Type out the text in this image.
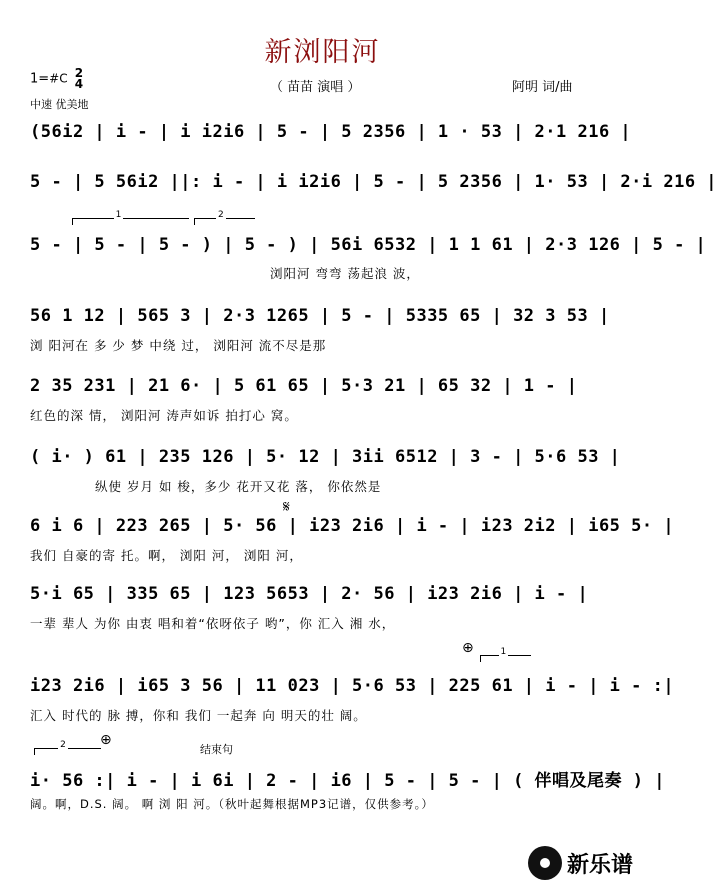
新浏阳河
1=#C 2
4	（ 苗苗 演唱 ）	阿明 词/曲
中速 优美地
(56i2 | i - | i i2i6 | 5 - | 5 2356 | 1 · 53 | 2·1 216 |
5 - | 5 56i2 ||: i - | i i2i6 | 5 - | 5 2356 | 1· 53 | 2·i 216 |
1	2
5 - | 5 - | 5 - ) | 5 - ) | 56i 6532 | 1 1 61 | 2·3 126 | 5 - |
浏阳河 弯弯 荡起浪 波，
56 1 12 | 565 3 | 2·3 1265 | 5 - | 5335 65 | 32 3 53 |
浏 阳河在 多 少 梦 中绕 过， 浏阳河 流不尽是那
2 35 231 | 21 6· | 5 61 65 | 5·3 21 | 65 32 | 1 - |
红色的深 情， 浏阳河 涛声如诉 拍打心 窝。
( i· ) 61 | 235 126 | 5· 12 | 3ii 6512 | 3 - | 5·6 53 |
纵使 岁月 如 梭，多少 花开又花 落， 你依然是
𝄋
6 i 6 | 223 265 | 5· 56 | i23 2i6 | i - | i23 2i2 | i65 5· |
我们 自豪的寄 托。啊， 浏阳 河， 浏阳 河，
5·i 65 | 335 65 | 123 5653 | 2· 56 | i23 2i6 | i - |
一辈 辈人 为你 由衷 唱和着“依呀依子 哟”，你 汇入 湘 水，
⊕	1
i23 2i6 | i65 3 56 | 11 023 | 5·6 53 | 225 61 | i - | i - :|
汇入 时代的 脉 搏，你和 我们 一起奔 向 明天的壮 阔。
2 ⊕
结束句
i· 56 :| i - | i 6i | 2 - | i6 | 5 - | 5 - | ( 伴唱及尾奏 ) |
阔。啊，D.S. 阔。 啊 浏 阳 河。（秋叶起舞根据MP3记谱，仅供参考。）
新乐谱
